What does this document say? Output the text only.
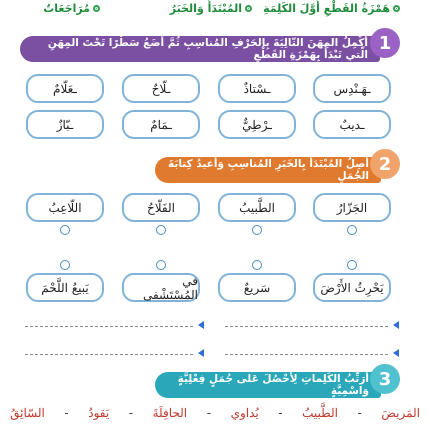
هَمْزَةُ القَطْعِ أَوَّلَ الكَلِمَةِ
المُبْتَدَأُ وَالخَبَرُ
مُرَاجَعَاتٌ
أُكْمِلُ المِهَنَ التّالِيَةَ بِالحَرْفِ المُناسِبِ ثُمَّ أَضَعُ سَطْرًا تَحْتَ المِهَنِ الّتي تَبْدَأُ بِهَمْزَةِ القَطْعِ
1
ـهَـنْدِس
ـسْتاذٌ
ـلّاحٌ
ـعَلّامٌ
ـديبٌ
ـرْطِيٌّ
ـمَامٌ
ـبّازٌ
أَصِلُ المُبْتَدَأَ بِالخَبَرِ المُناسِبِ وَأُعيدُ كِتابَةَ الجُمَلِ
2
الجَزّارُ
الطَّبيبُ
الفَلّاحُ
اللّاعِبُ
يَحْرِثُ الأَرْضَ
سَريعٌ
في المُسْتَشْفى
يَبيعُ اللَّحْمَ
أُرَتِّبُ الكَلِماتِ لِأَحْصُلَ عَلى جُمَلٍ فِعْلِيَّةٍ وَاسْمِيَّةٍ
3
المَريضَ
-
الطَّبيبُ
-
يُداوي
-
الحافِلَةَ
-
يَقودُ
-
السّائِقُ
